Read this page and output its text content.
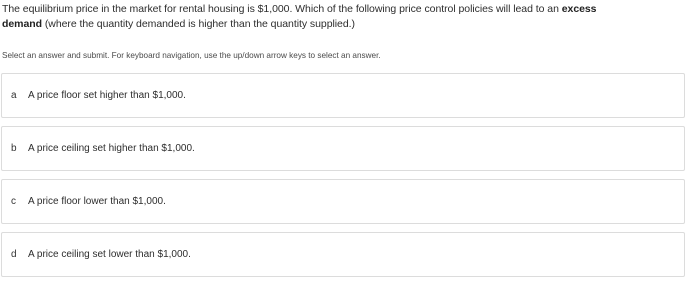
The equilibrium price in the market for rental housing is $1,000. Which of the following price control policies will lead to an excess
demand (where the quantity demanded is higher than the quantity supplied.)
Select an answer and submit. For keyboard navigation, use the up/down arrow keys to select an answer.
a	A price floor set higher than $1,000.
b	A price ceiling set higher than $1,000.
c	A price floor lower than $1,000.
d	A price ceiling set lower than $1,000.
